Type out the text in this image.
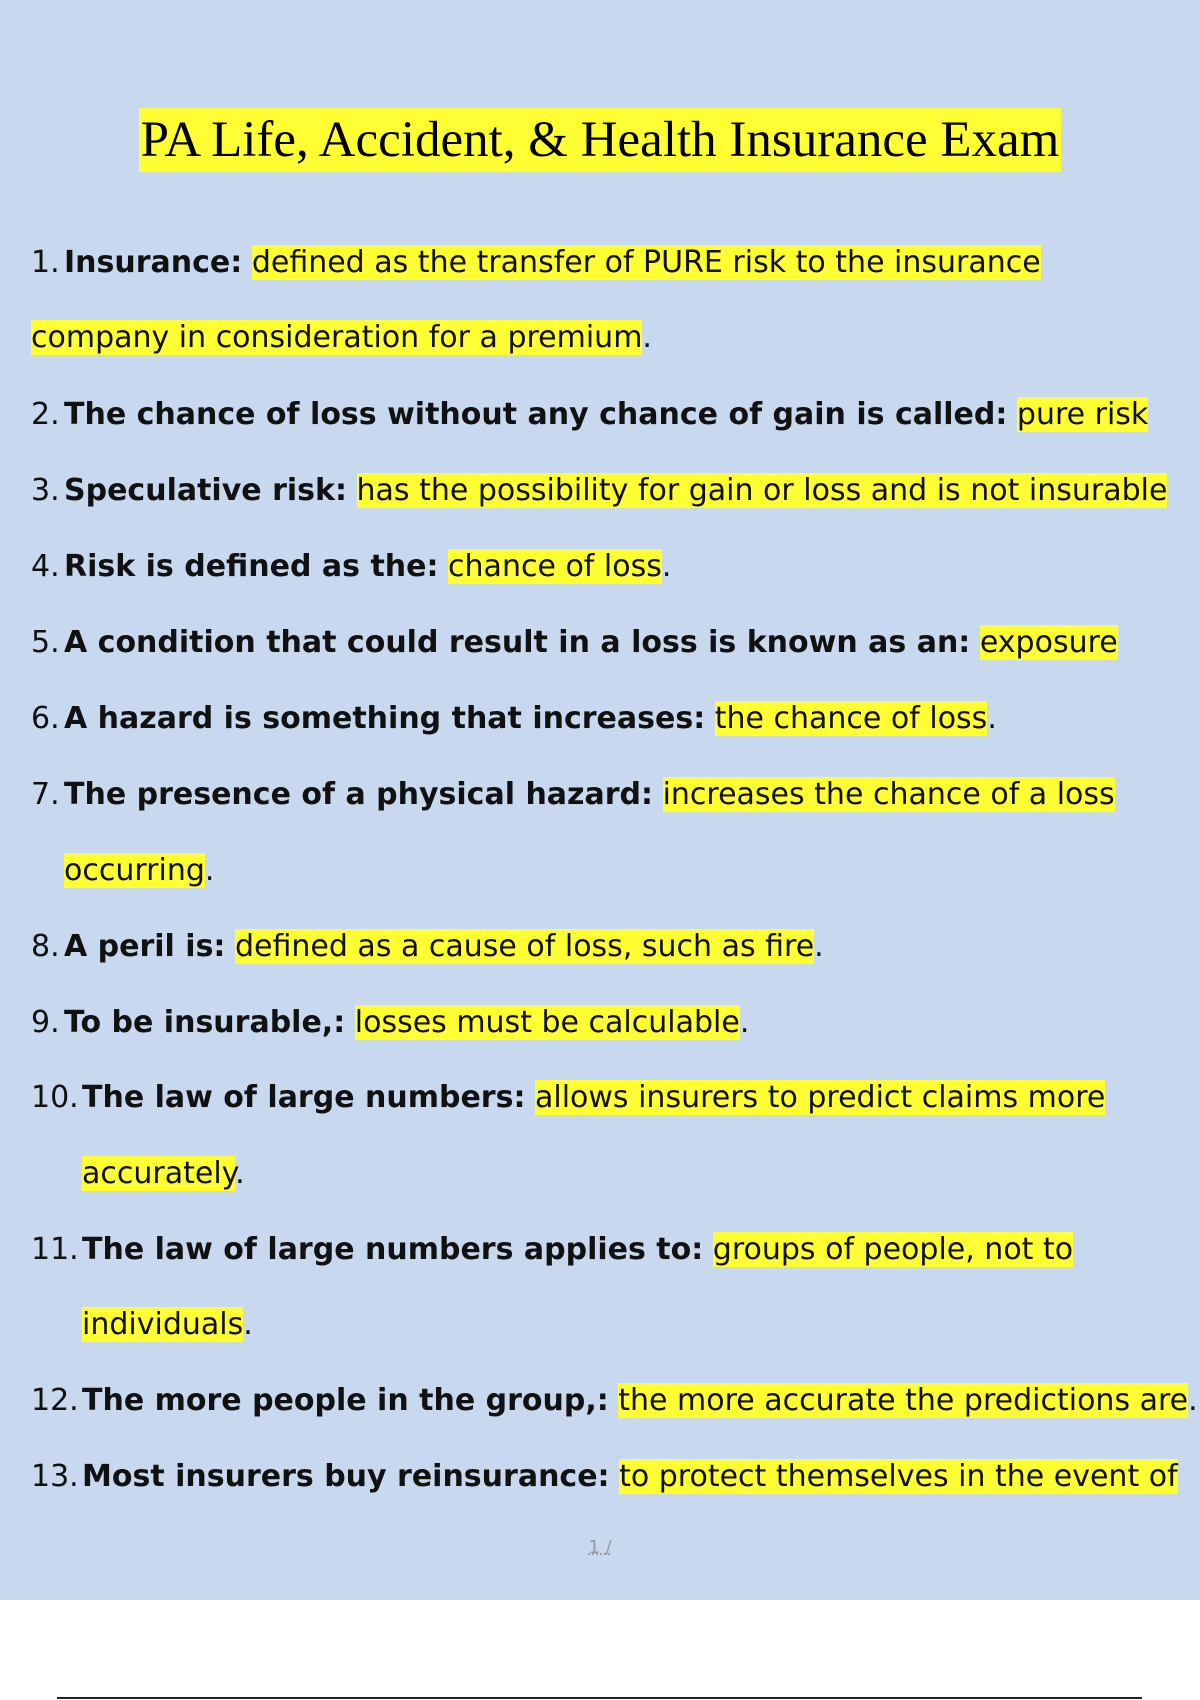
PA Life, Accident, & Health Insurance Exam
1. Insurance: defined as the transfer of PURE risk to the insurance
company in consideration for a premium.
2. The chance of loss without any chance of gain is called: pure risk
3. Speculative risk: has the possibility for gain or loss and is not insurable
4. Risk is defined as the: chance of loss.
5. A condition that could result in a loss is known as an: exposure
6. A hazard is something that increases: the chance of loss.
7. The presence of a physical hazard: increases the chance of a loss
occurring.
8. A peril is: defined as a cause of loss, such as fire.
9. To be insurable,: losses must be calculable.
10. The law of large numbers: allows insurers to predict claims more
accurately.
11. The law of large numbers applies to: groups of people, not to
individuals.
12. The more people in the group,: the more accurate the predictions are.
13. Most insurers buy reinsurance: to protect themselves in the event of
1 /
